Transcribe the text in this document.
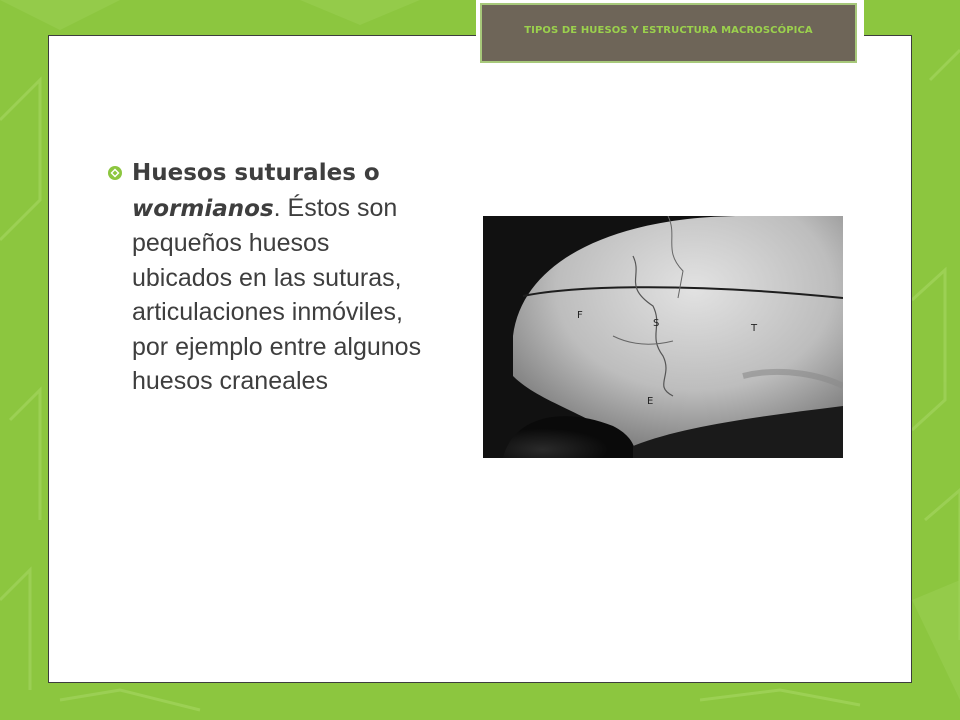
TIPOS DE HUESOS Y ESTRUCTURA MACROSCÓPICA
Huesos suturales o wormianos. Éstos son pequeños huesos ubicados en las suturas, articulaciones inmóviles, por ejemplo entre algunos huesos craneales
F
S	T
E
